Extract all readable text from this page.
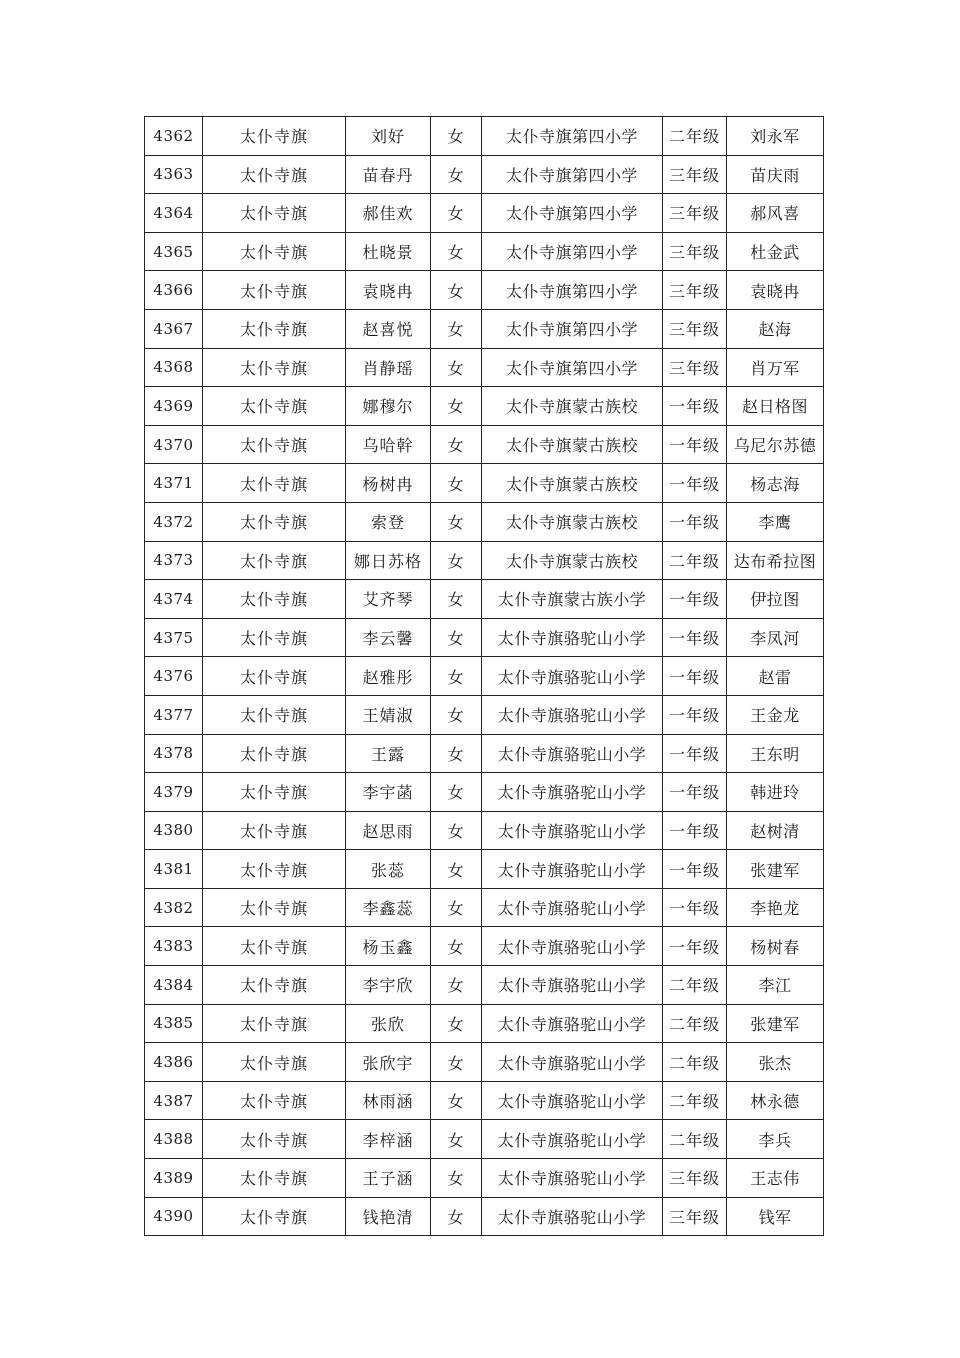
4362	太仆寺旗	刘好	女	太仆寺旗第四小学	二年级	刘永军
4363	太仆寺旗	苗春丹	女	太仆寺旗第四小学	三年级	苗庆雨
4364	太仆寺旗	郝佳欢	女	太仆寺旗第四小学	三年级	郝风喜
4365	太仆寺旗	杜晓景	女	太仆寺旗第四小学	三年级	杜金武
4366	太仆寺旗	袁晓冉	女	太仆寺旗第四小学	三年级	袁晓冉
4367	太仆寺旗	赵喜悦	女	太仆寺旗第四小学	三年级	赵海
4368	太仆寺旗	肖静瑶	女	太仆寺旗第四小学	三年级	肖万军
4369	太仆寺旗	娜穆尔	女	太仆寺旗蒙古族校	一年级	赵日格图
4370	太仆寺旗	乌哈幹	女	太仆寺旗蒙古族校	一年级	乌尼尔苏德
4371	太仆寺旗	杨树冉	女	太仆寺旗蒙古族校	一年级	杨志海
4372	太仆寺旗	索登	女	太仆寺旗蒙古族校	一年级	李鹰
4373	太仆寺旗	娜日苏格	女	太仆寺旗蒙古族校	二年级	达布希拉图
4374	太仆寺旗	艾齐琴	女	太仆寺旗蒙古族小学	一年级	伊拉图
4375	太仆寺旗	李云馨	女	太仆寺旗骆驼山小学	一年级	李凤河
4376	太仆寺旗	赵雅彤	女	太仆寺旗骆驼山小学	一年级	赵雷
4377	太仆寺旗	王婧淑	女	太仆寺旗骆驼山小学	一年级	王金龙
4378	太仆寺旗	王露	女	太仆寺旗骆驼山小学	一年级	王东明
4379	太仆寺旗	李宇菡	女	太仆寺旗骆驼山小学	一年级	韩进玲
4380	太仆寺旗	赵思雨	女	太仆寺旗骆驼山小学	一年级	赵树清
4381	太仆寺旗	张蕊	女	太仆寺旗骆驼山小学	一年级	张建军
4382	太仆寺旗	李鑫蕊	女	太仆寺旗骆驼山小学	一年级	李艳龙
4383	太仆寺旗	杨玉鑫	女	太仆寺旗骆驼山小学	一年级	杨树春
4384	太仆寺旗	李宇欣	女	太仆寺旗骆驼山小学	二年级	李江
4385	太仆寺旗	张欣	女	太仆寺旗骆驼山小学	二年级	张建军
4386	太仆寺旗	张欣宇	女	太仆寺旗骆驼山小学	二年级	张杰
4387	太仆寺旗	林雨涵	女	太仆寺旗骆驼山小学	二年级	林永德
4388	太仆寺旗	李梓涵	女	太仆寺旗骆驼山小学	二年级	李兵
4389	太仆寺旗	王子涵	女	太仆寺旗骆驼山小学	三年级	王志伟
4390	太仆寺旗	钱艳清	女	太仆寺旗骆驼山小学	三年级	钱军
